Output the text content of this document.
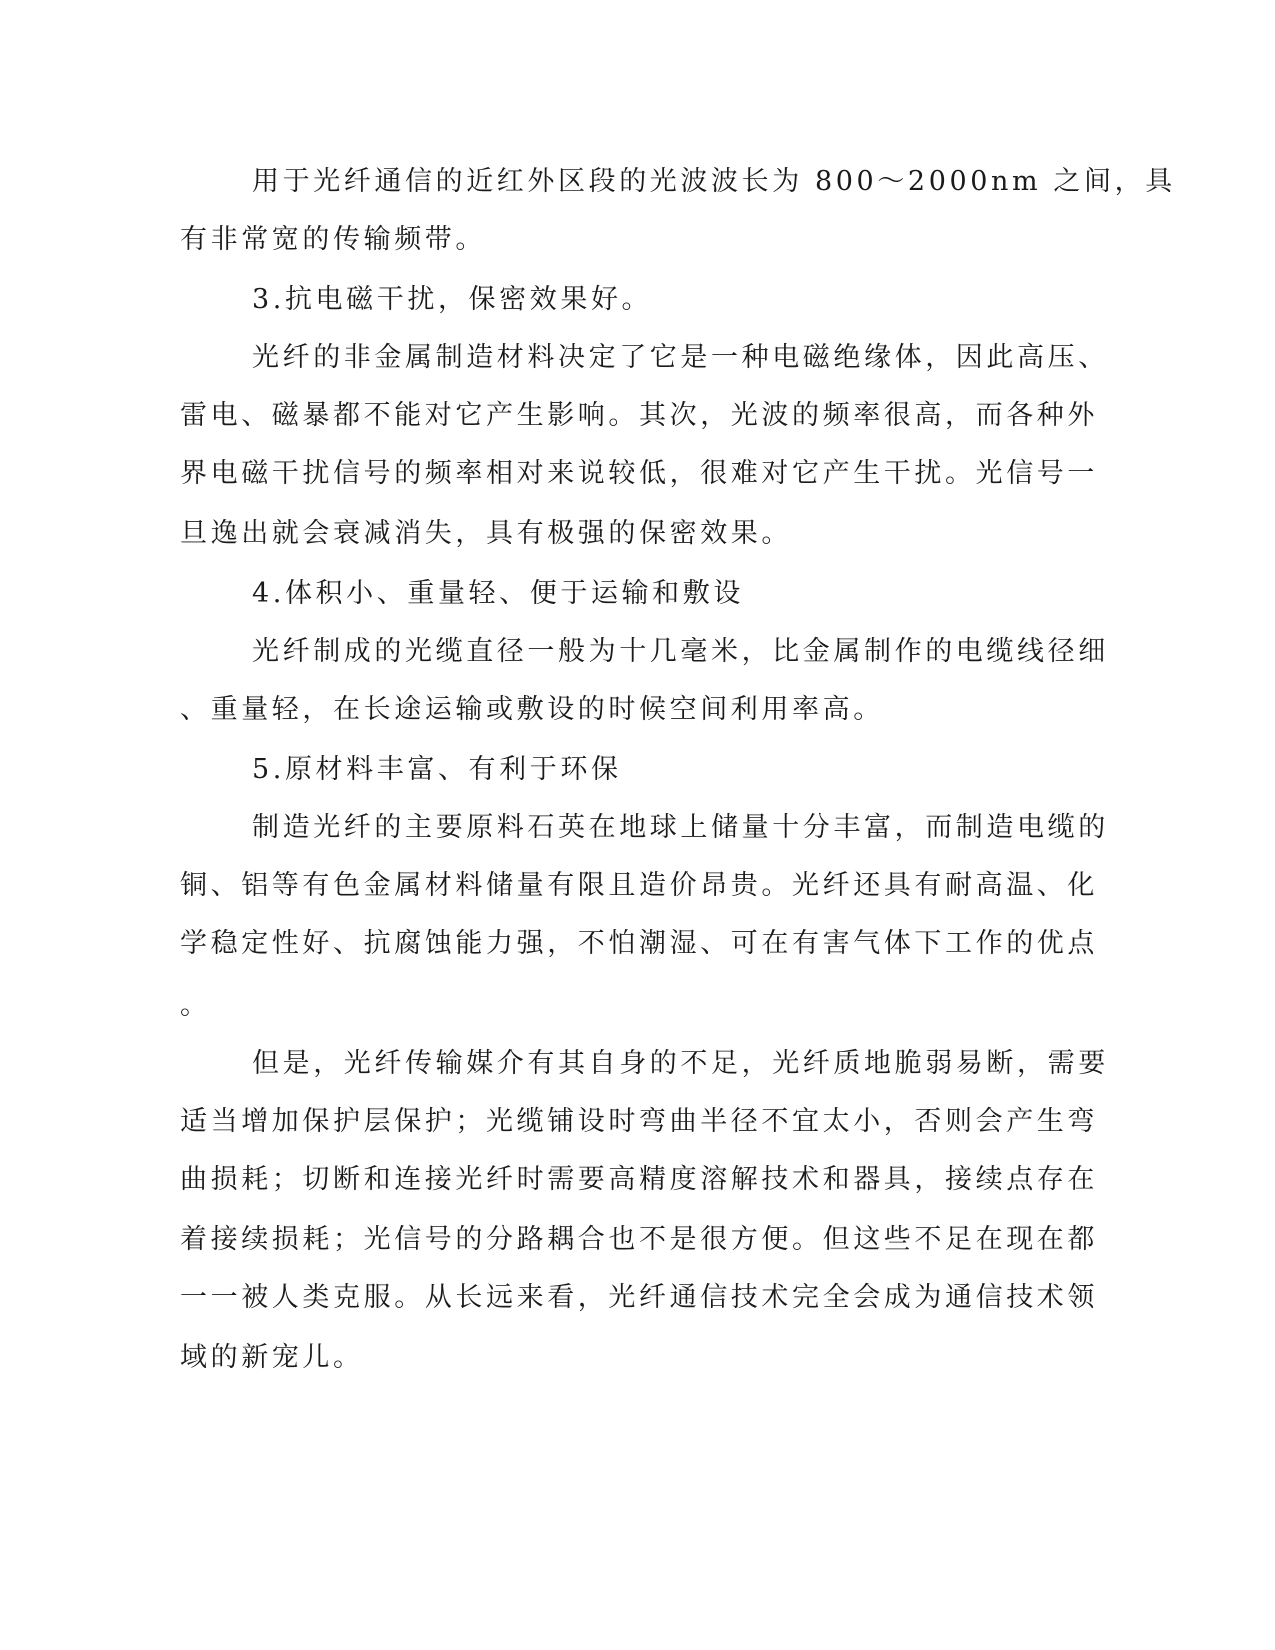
用于光纤通信的近红外区段的光波波长为 800～2000nm 之间，具
有非常宽的传输频带。
3.抗电磁干扰，保密效果好。
光纤的非金属制造材料决定了它是一种电磁绝缘体，因此高压、
雷电、磁暴都不能对它产生影响。其次，光波的频率很高，而各种外
界电磁干扰信号的频率相对来说较低，很难对它产生干扰。光信号一
旦逸出就会衰减消失，具有极强的保密效果。
4.体积小、重量轻、便于运输和敷设
光纤制成的光缆直径一般为十几毫米，比金属制作的电缆线径细
、重量轻，在长途运输或敷设的时候空间利用率高。
5.原材料丰富、有利于环保
制造光纤的主要原料石英在地球上储量十分丰富，而制造电缆的
铜、铝等有色金属材料储量有限且造价昂贵。光纤还具有耐高温、化
学稳定性好、抗腐蚀能力强，不怕潮湿、可在有害气体下工作的优点
。
但是，光纤传输媒介有其自身的不足，光纤质地脆弱易断，需要
适当增加保护层保护；光缆铺设时弯曲半径不宜太小，否则会产生弯
曲损耗；切断和连接光纤时需要高精度溶解技术和器具，接续点存在
着接续损耗；光信号的分路耦合也不是很方便。但这些不足在现在都
一一被人类克服。从长远来看，光纤通信技术完全会成为通信技术领
域的新宠儿。
